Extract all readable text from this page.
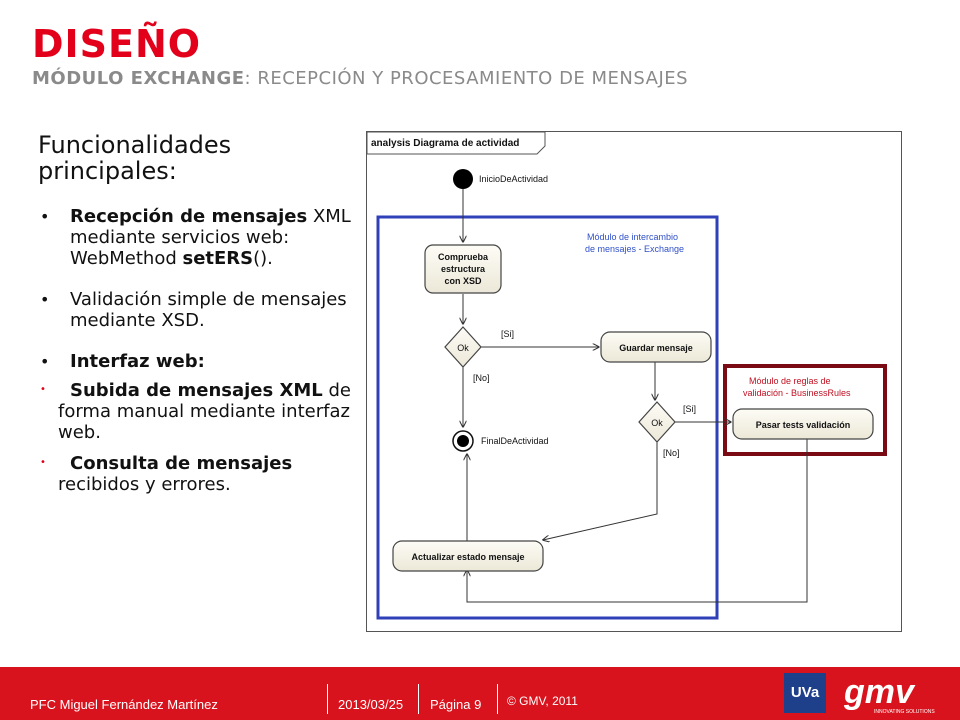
DISEÑO
MÓDULO EXCHANGE: RECEPCIÓN Y PROCESAMIENTO DE MENSAJES
Funcionalidades principales:
• Recepción de mensajes XML mediante servicios web: WebMethod setERS().
• Validación simple de mensajes mediante XSD.
• Interfaz web:
• Subida de mensajes XML de forma manual mediante interfaz web.
• Consulta de mensajes recibidos y errores.
analysis Diagrama de actividad
Módulo de intercambio
de mensajes - Exchange
Módulo de reglas de
validación - BusinessRules
InicioDeActividad
Comprueba
estructura
con XSD
Ok
[Si]
[No]
Guardar mensaje
Ok
[Si]
[No]
Pasar tests validación
FinalDeActividad
Actualizar estado mensaje
PFC Miguel Fernández Martínez	2013/03/25 Página 9 © GMV, 2011	UVa gmv
INNOVATING SOLUTIONS
